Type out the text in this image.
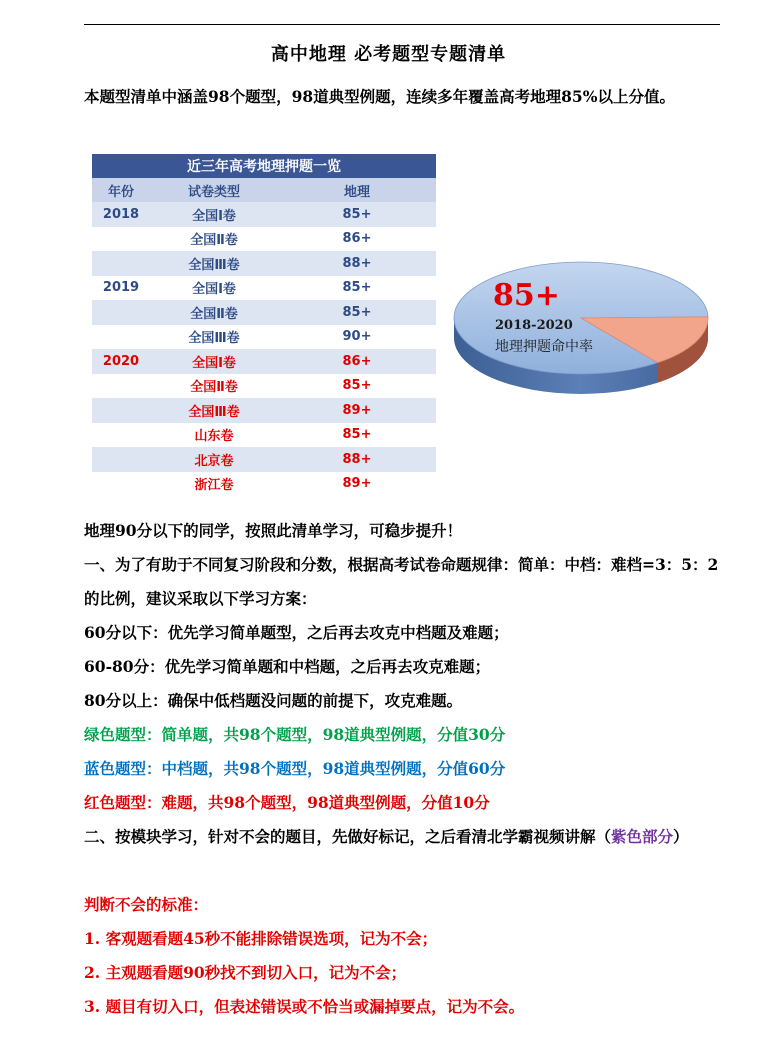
高中地理 必考题型专题清单
本题型清单中涵盖98个题型，98道典型例题，连续多年覆盖高考地理85%以上分值。
近三年高考地理押题一览		
年份	试卷类型	地理
2018	全国Ⅰ卷	85+
	全国Ⅱ卷	86+
	全国Ⅲ卷	88+
2019	全国Ⅰ卷	85+
	全国Ⅱ卷	85+
	全国Ⅲ卷	90+
2020	全国Ⅰ卷	86+
	全国Ⅱ卷	85+
	全国Ⅲ卷	89+
	山东卷	85+
	北京卷	88+
	浙江卷	89+
85+
2018-2020
地理押题命中率
地理90分以下的同学，按照此清单学习，可稳步提升！
一、为了有助于不同复习阶段和分数，根据高考试卷命题规律：简单：中档：难档=3：5：2的比例，建议采取以下学习方案：
60分以下：优先学习简单题型，之后再去攻克中档题及难题；
60-80分：优先学习简单题和中档题，之后再去攻克难题；
80分以上：确保中低档题没问题的前提下，攻克难题。
绿色题型：简单题，共98个题型，98道典型例题，分值30分
蓝色题型：中档题，共98个题型，98道典型例题，分值60分
红色题型：难题，共98个题型，98道典型例题，分值10分
二、按模块学习，针对不会的题目，先做好标记，之后看清北学霸视频讲解（紫色部分）
判断不会的标准：
1. 客观题看题45秒不能排除错误选项，记为不会；
2. 主观题看题90秒找不到切入口，记为不会；
3. 题目有切入口，但表述错误或不恰当或漏掉要点，记为不会。
